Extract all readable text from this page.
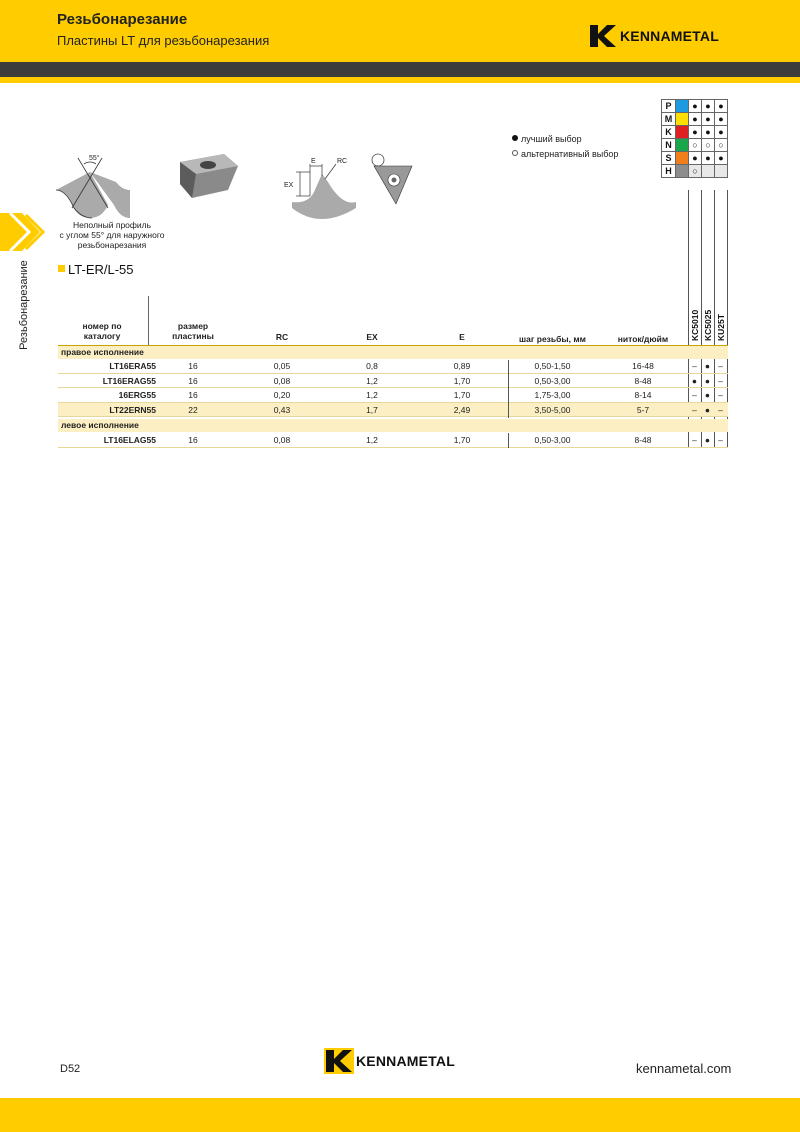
Резьбонарезание
Пластины LT для резьбонарезания	KENNAMETAL
Резьбонарезание
55°
Неполный профиль
с углом 55° для наружного
резьбонарезания
E	RC
EX
лучший выбор
альтернативный выбор
P		●	●	●
M		●	●	●
K		●	●	●
N		○	○	○
S		●	●	●
H		○		
KC5010 KC5025 KU25T
LT-ER/L-55
номер по
каталогу
размер
пластины	RC	EX	E	шаг резьбы, мм	ниток/дюйм
правое исполнение
LT16ERA55	16	0,05	0,8	0,89	0,50-1,50	16-48	– ● –
LT16ERAG55	16	0,08	1,2	1,70	0,50-3,00	8-48	● ● –
16ERG55	16	0,20	1,2	1,70	1,75-3,00	8-14	– ● –
LT22ERN55	22	0,43	1,7	2,49	3,50-5,00	5-7	– ● –
левое исполнение
LT16ELAG55	16	0,08	1,2	1,70	0,50-3,00	8-48	– ● –
D52	KENNAMETAL	kennametal.com
